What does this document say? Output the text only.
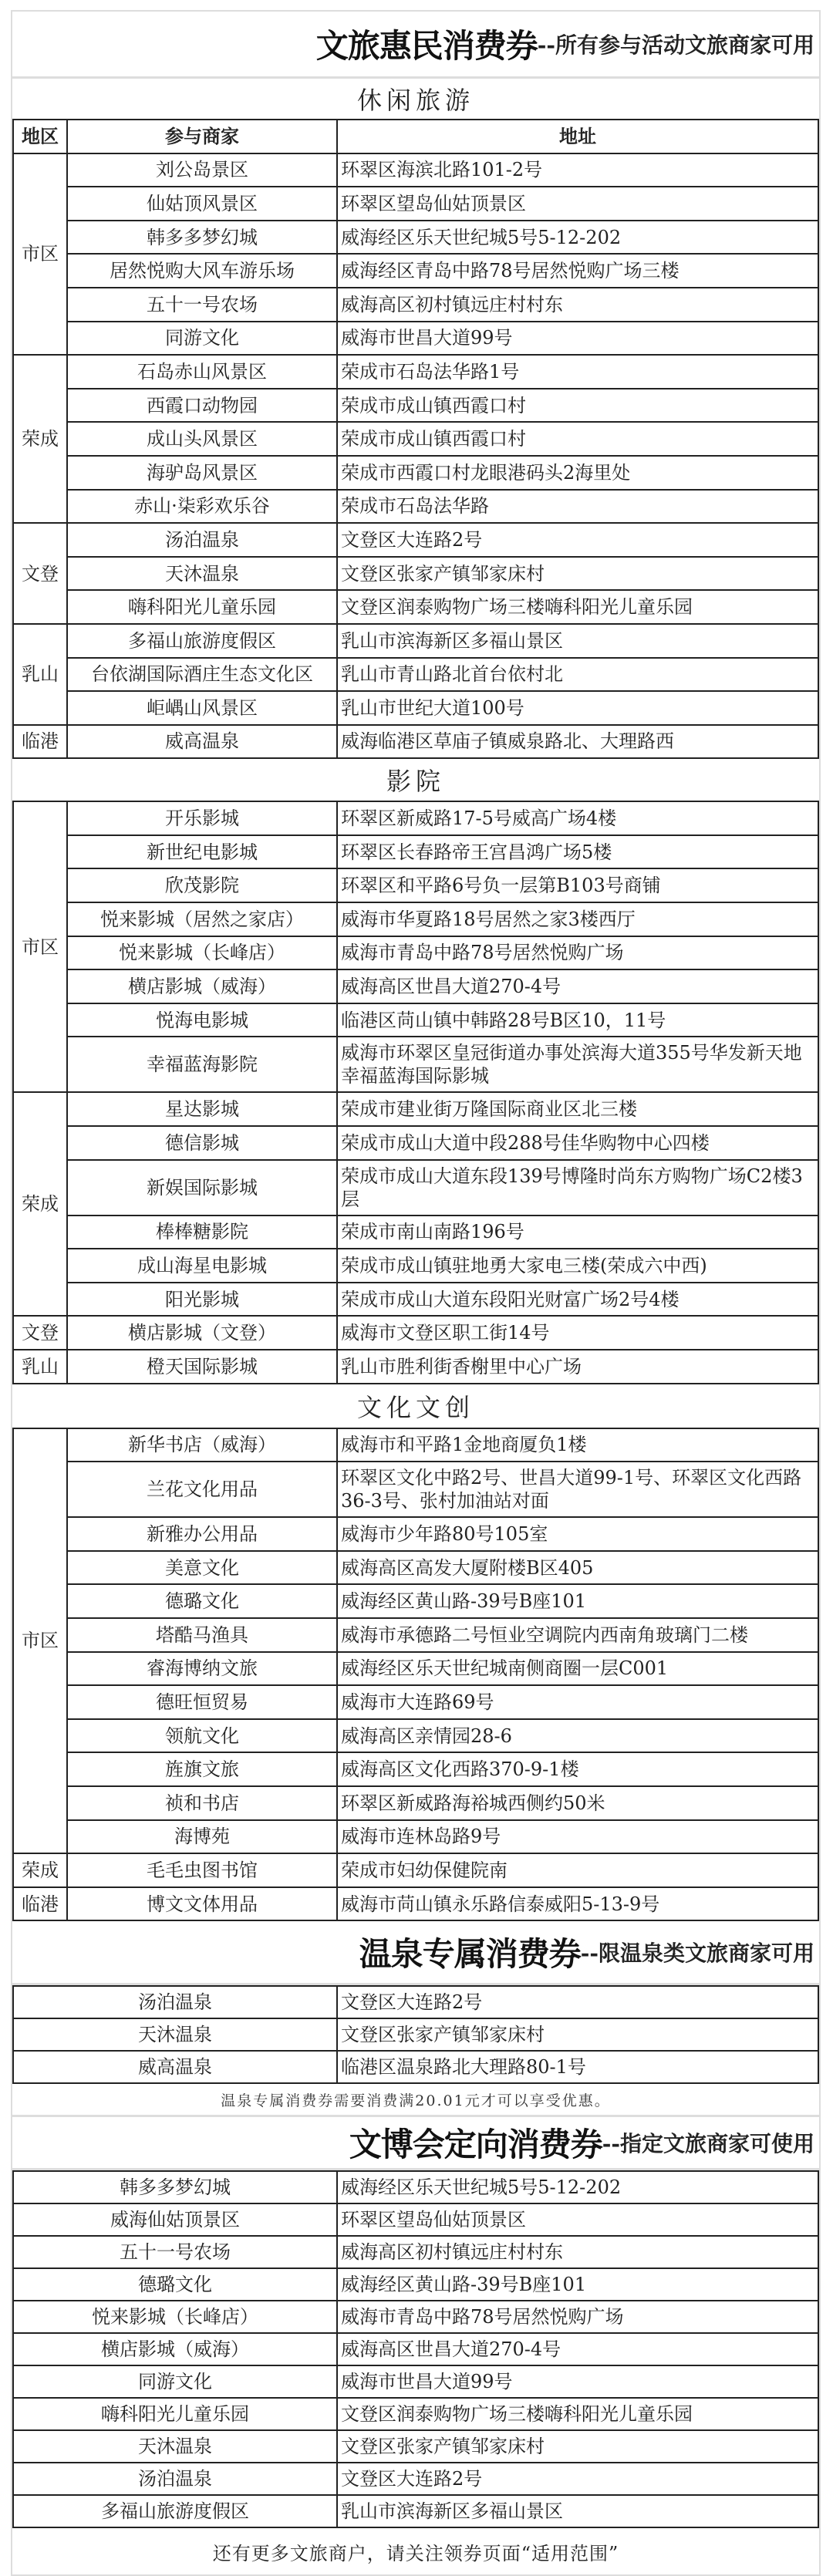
文旅惠民消费券 --所有参与活动文旅商家可用
休闲旅游
地区	参与商家	地址
市区	刘公岛景区	环翠区海滨北路101-2号
	仙姑顶风景区	环翠区望岛仙姑顶景区
	韩多多梦幻城	威海经区乐天世纪城5号5-12-202
	居然悦购大风车游乐场	威海经区青岛中路78号居然悦购广场三楼
	五十一号农场	威海高区初村镇远庄村村东
	同游文化	威海市世昌大道99号
荣成	石岛赤山风景区	荣成市石岛法华路1号
	西霞口动物园	荣成市成山镇西霞口村
	成山头风景区	荣成市成山镇西霞口村
	海驴岛风景区	荣成市西霞口村龙眼港码头2海里处
	赤山·柒彩欢乐谷	荣成市石岛法华路
文登	汤泊温泉	文登区大连路2号
	天沐温泉	文登区张家产镇邹家床村
	嗨科阳光儿童乐园	文登区润泰购物广场三楼嗨科阳光儿童乐园
乳山	多福山旅游度假区	乳山市滨海新区多福山景区
	台依湖国际酒庄生态文化区	乳山市青山路北首台依村北
	岠嵎山风景区	乳山市世纪大道100号
临港	威高温泉	威海临港区草庙子镇威泉路北、大理路西
影院
市区	开乐影城	环翠区新威路17-5号威高广场4楼
	新世纪电影城	环翠区长春路帝王宫昌鸿广场5楼
	欣茂影院	环翠区和平路6号负一层第B103号商铺
	悦来影城（居然之家店）	威海市华夏路18号居然之家3楼西厅
	悦来影城（长峰店）	威海市青岛中路78号居然悦购广场
	横店影城（威海）	威海高区世昌大道270-4号
	悦海电影城	临港区苘山镇中韩路28号B区10，11号
	幸福蓝海影院	威海市环翠区皇冠街道办事处滨海大道355号华发新天地幸福蓝海国际影城
荣成	星达影城	荣成市建业街万隆国际商业区北三楼
	德信影城	荣成市成山大道中段288号佳华购物中心四楼
	新娱国际影城	荣成市成山大道东段139号博隆时尚东方购物广场C2楼3层
	棒棒糖影院	荣成市南山南路196号
	成山海星电影城	荣成市成山镇驻地勇大家电三楼(荣成六中西)
	阳光影城	荣成市成山大道东段阳光财富广场2号4楼
文登	横店影城（文登）	威海市文登区职工街14号
乳山	橙天国际影城	乳山市胜利街香榭里中心广场
文化文创
市区	新华书店（威海）	威海市和平路1金地商厦负1楼
	兰花文化用品	环翠区文化中路2号、世昌大道99-1号、环翠区文化西路36-3号、张村加油站对面
	新雅办公用品	威海市少年路80号105室
	美意文化	威海高区高发大厦附楼B区405
	德璐文化	威海经区黄山路-39号B座101
	塔酷马渔具	威海市承德路二号恒业空调院内西南角玻璃门二楼
	睿海博纳文旅	威海经区乐天世纪城南侧商圈一层C001
	德旺恒贸易	威海市大连路69号
	领航文化	威海高区亲情园28-6
	旌旗文旅	威海高区文化西路370-9-1楼
	祯和书店	环翠区新威路海裕城西侧约50米
	海博苑	威海市连林岛路9号
荣成	毛毛虫图书馆	荣成市妇幼保健院南
临港	博文文体用品	威海市苘山镇永乐路信泰威阳5-13-9号
温泉专属消费券 --限温泉类文旅商家可用
汤泊温泉	文登区大连路2号
天沐温泉	文登区张家产镇邹家床村
威高温泉	临港区温泉路北大理路80-1号
温泉专属消费券需要消费满20.01元才可以享受优惠。
文博会定向消费券 --指定文旅商家可使用
韩多多梦幻城	威海经区乐天世纪城5号5-12-202
威海仙姑顶景区	环翠区望岛仙姑顶景区
五十一号农场	威海高区初村镇远庄村村东
德璐文化	威海经区黄山路-39号B座101
悦来影城（长峰店）	威海市青岛中路78号居然悦购广场
横店影城（威海）	威海高区世昌大道270-4号
同游文化	威海市世昌大道99号
嗨科阳光儿童乐园	文登区润泰购物广场三楼嗨科阳光儿童乐园
天沐温泉	文登区张家产镇邹家床村
汤泊温泉	文登区大连路2号
多福山旅游度假区	乳山市滨海新区多福山景区
还有更多文旅商户，请关注领券页面“适用范围”
